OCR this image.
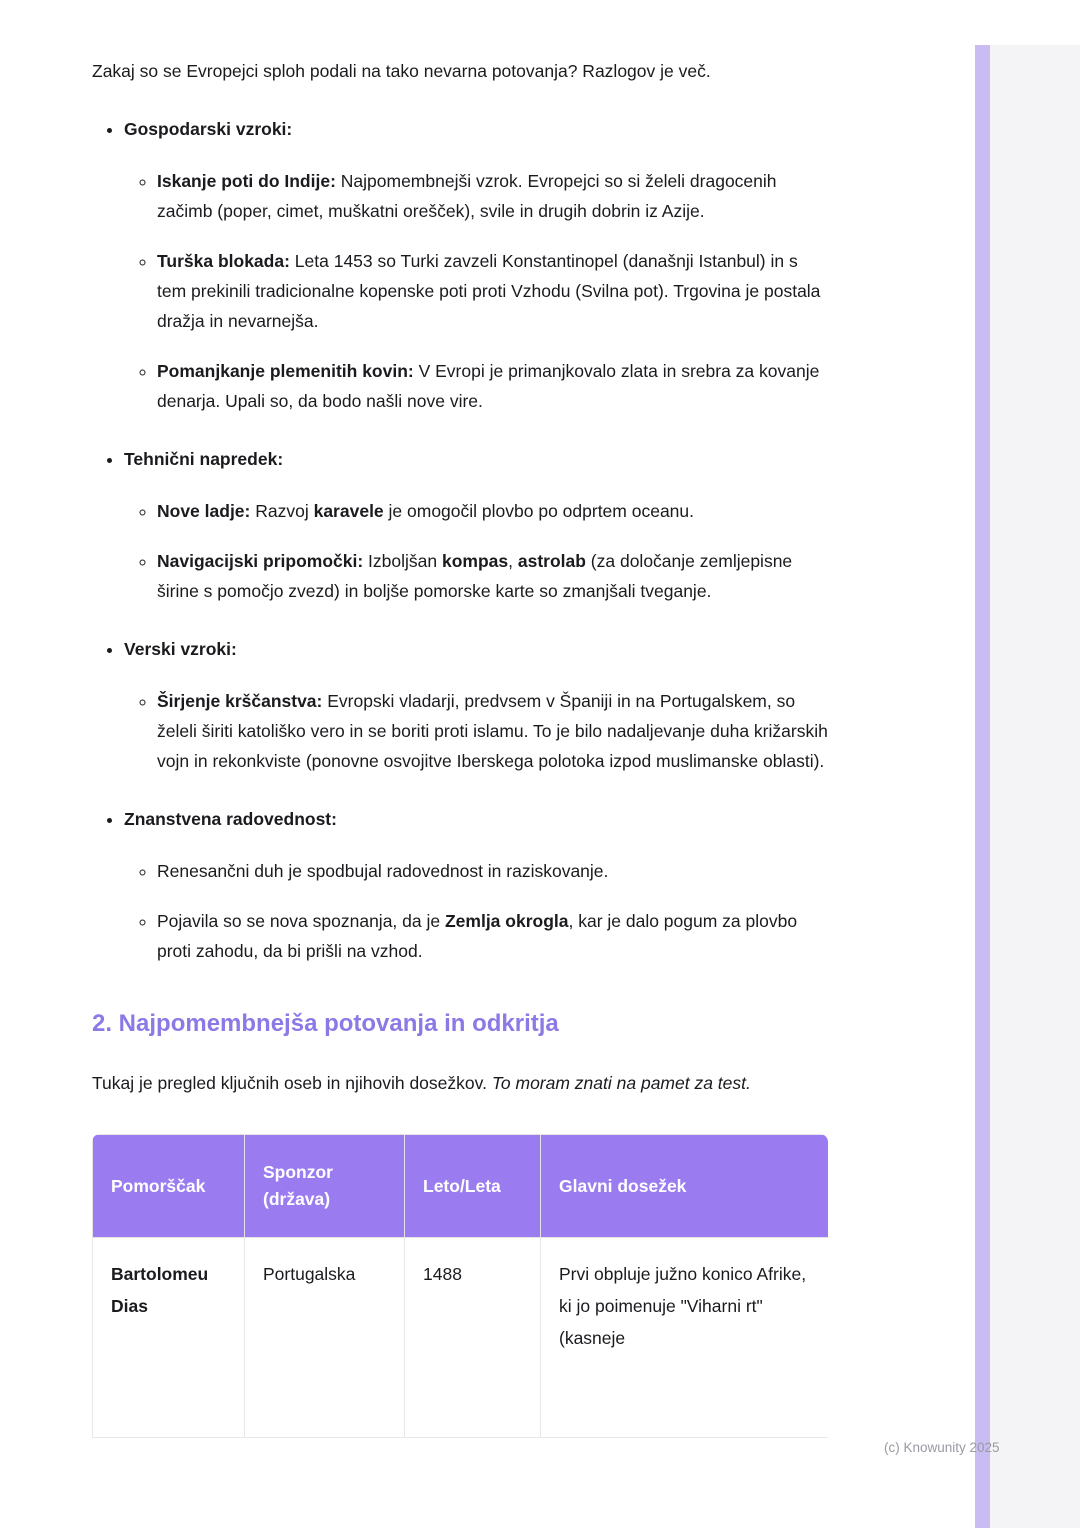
Zakaj so se Evropejci sploh podali na tako nevarna potovanja? Razlogov je več.

• Gospodarski vzroki:
◦ Iskanje poti do Indije: Najpomembnejši vzrok. Evropejci so si želeli dragocenih začimb (poper, cimet, muškatni orešček), svile in drugih dobrin iz Azije.
◦ Turška blokada: Leta 1453 so Turki zavzeli Konstantinopel (današnji Istanbul) in s tem prekinili tradicionalne kopenske poti proti Vzhodu (Svilna pot). Trgovina je postala dražja in nevarnejša.
◦ Pomanjkanje plemenitih kovin: V Evropi je primanjkovalo zlata in srebra za kovanje denarja. Upali so, da bodo našli nove vire.
• Tehnični napredek:
◦ Nove ladje: Razvoj karavele je omogočil plovbo po odprtem oceanu.
◦ Navigacijski pripomočki: Izboljšan kompas, astrolab (za določanje zemljepisne širine s pomočjo zvezd) in boljše pomorske karte so zmanjšali tveganje.
• Verski vzroki:
◦ Širjenje krščanstva: Evropski vladarji, predvsem v Španiji in na Portugalskem, so želeli širiti katoliško vero in se boriti proti islamu. To je bilo nadaljevanje duha križarskih vojn in rekonkviste (ponovne osvojitve Iberskega polotoka izpod muslimanske oblasti).
• Znanstvena radovednost:
◦ Renesančni duh je spodbujal radovednost in raziskovanje.
◦ Pojavila so se nova spoznanja, da je Zemlja okrogla, kar je dalo pogum za plovbo proti zahodu, da bi prišli na vzhod.
2. Najpomembnejša potovanja in odkritja

Tukaj je pregled ključnih oseb in njihovih dosežkov. To moram znati na pamet za test.

Pomorščak	Sponzor (država)	Leto/Leta	Glavni dosežek
Bartolomeu Dias	Portugalska	1488	Prvi obpluje južno konico Afrike, ki jo poimenuje "Viharni rt" (kasneje
(c) Knowunity 2025
